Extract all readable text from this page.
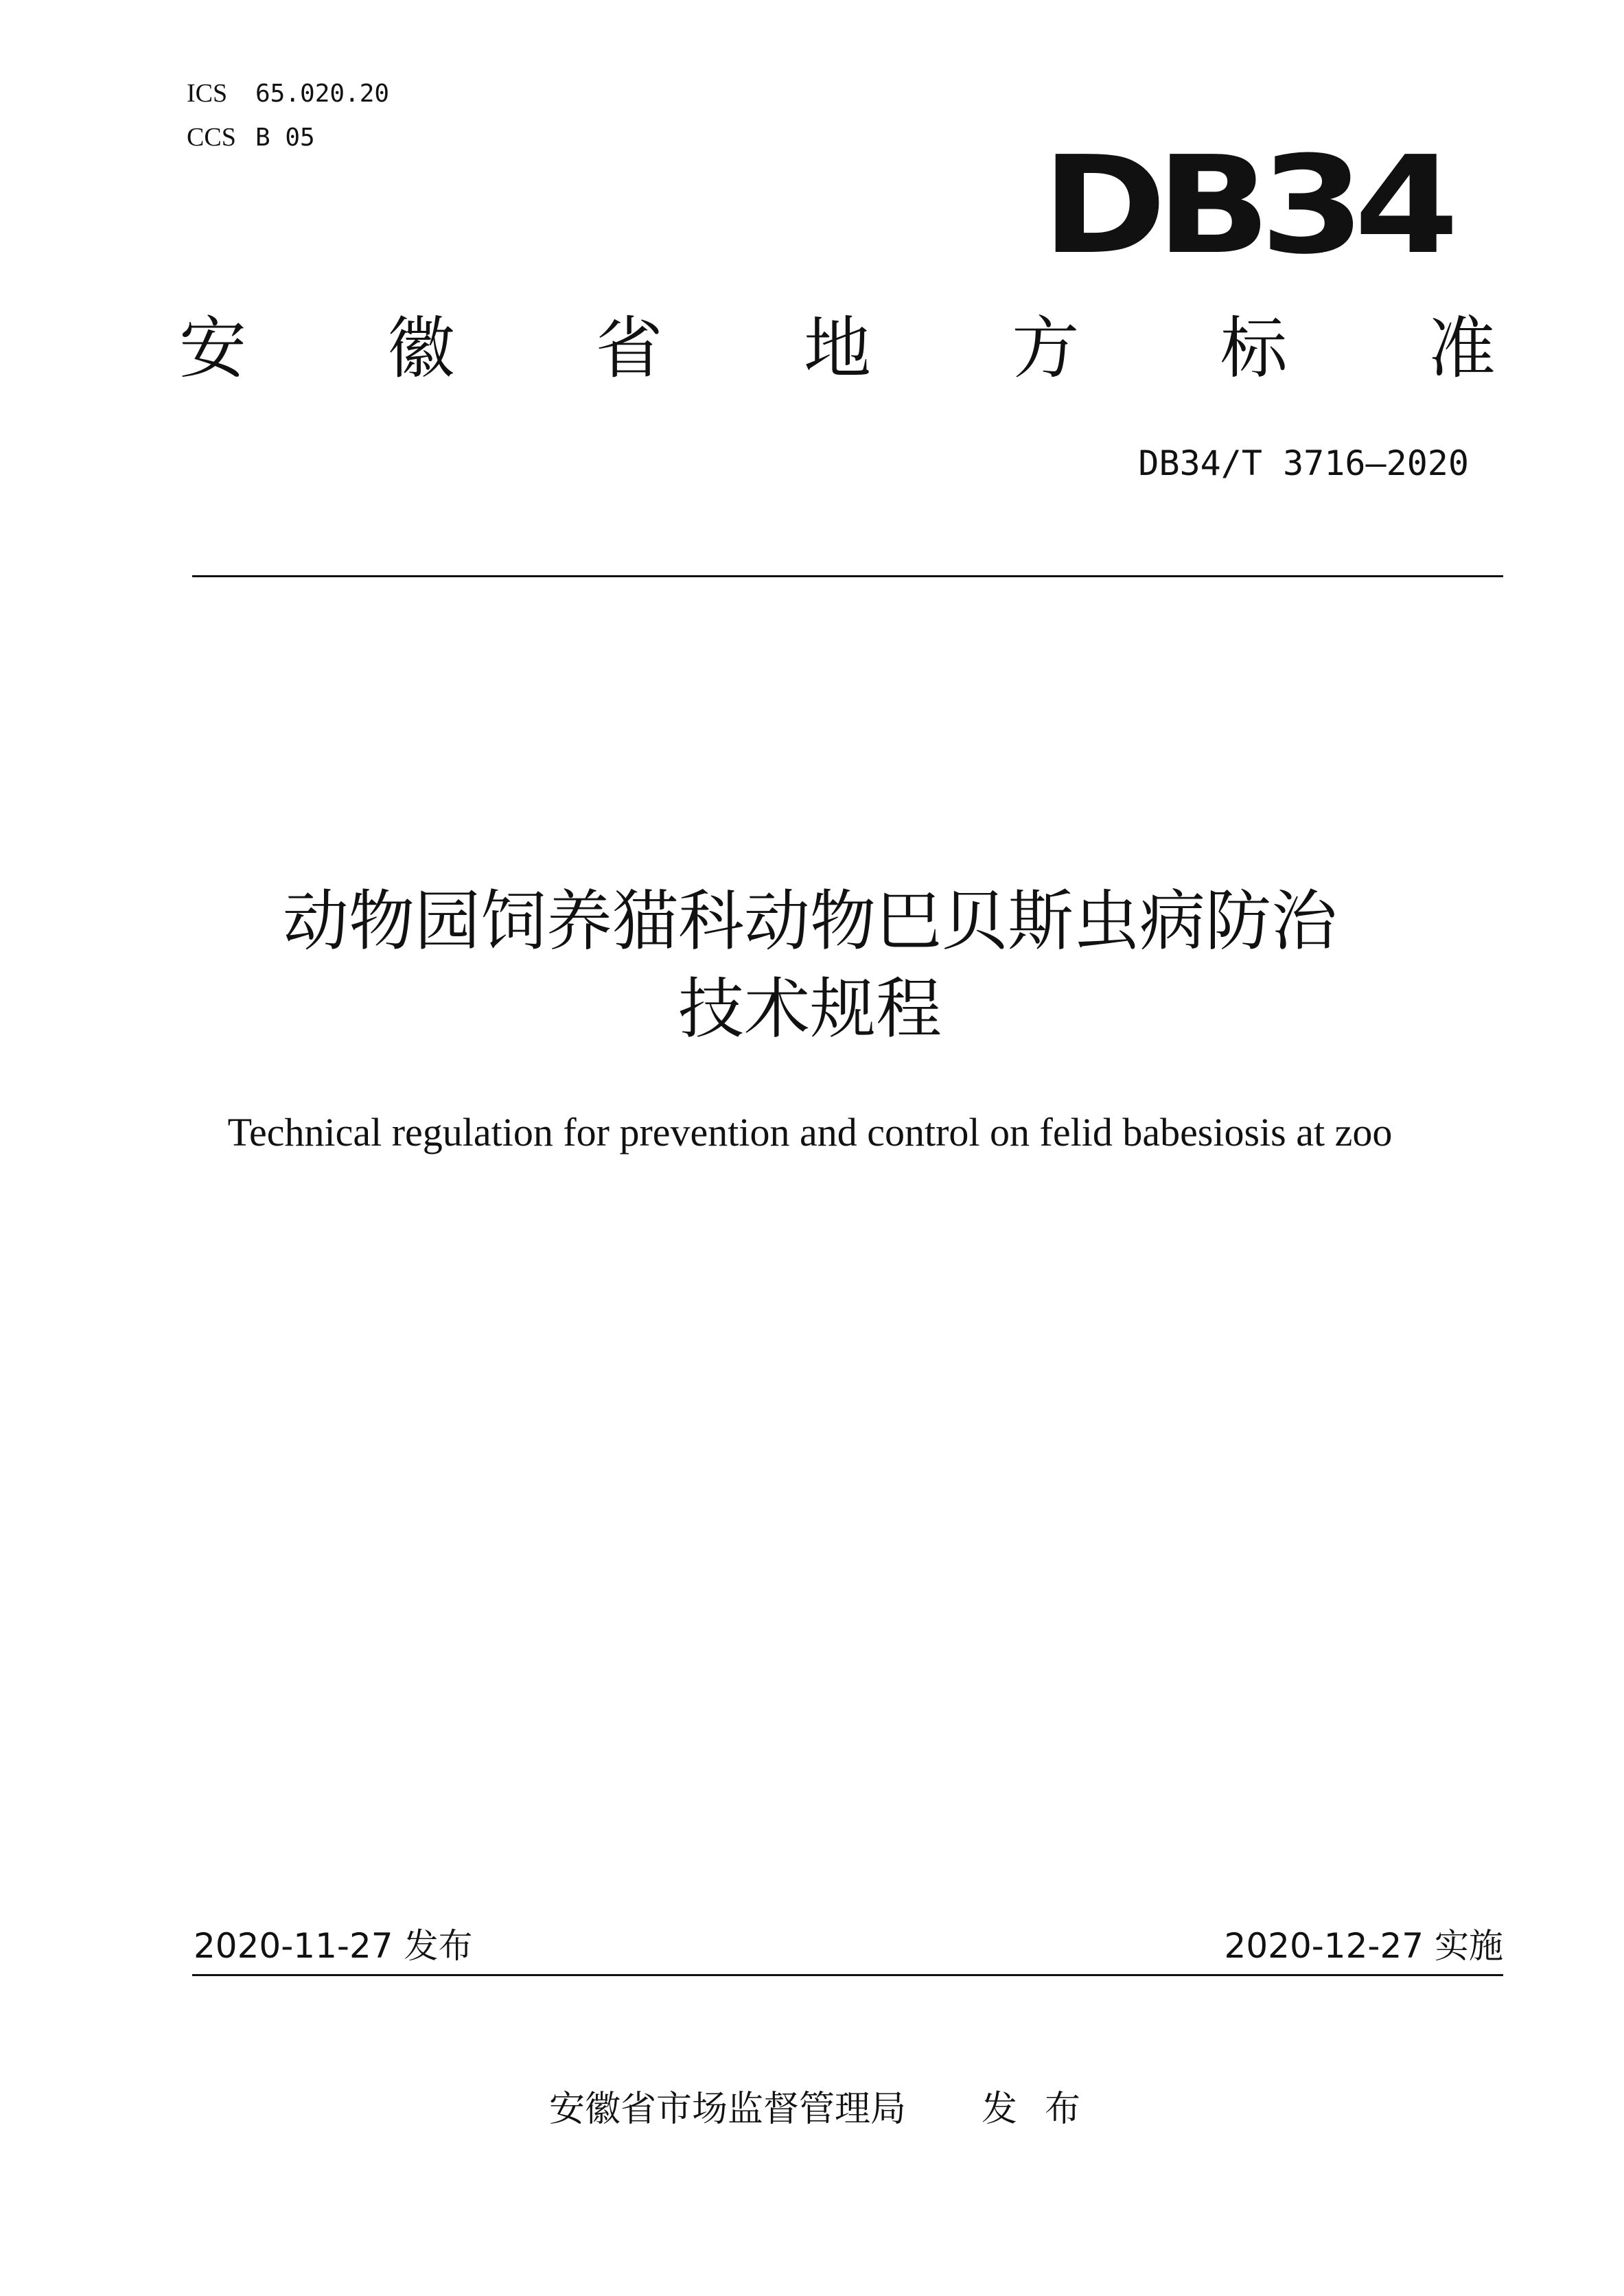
ICS 65.020.20
CCS B 05	DB34
安 徽 省 地 方 标 准
DB34/T 3716—2020
动物园饲养猫科动物巴贝斯虫病防治
技术规程
Technical regulation for prevention and control on felid babesiosis at zoo
2020-11-27 发布	2020-12-27 实施
安徽省市场监督管理局 发布
